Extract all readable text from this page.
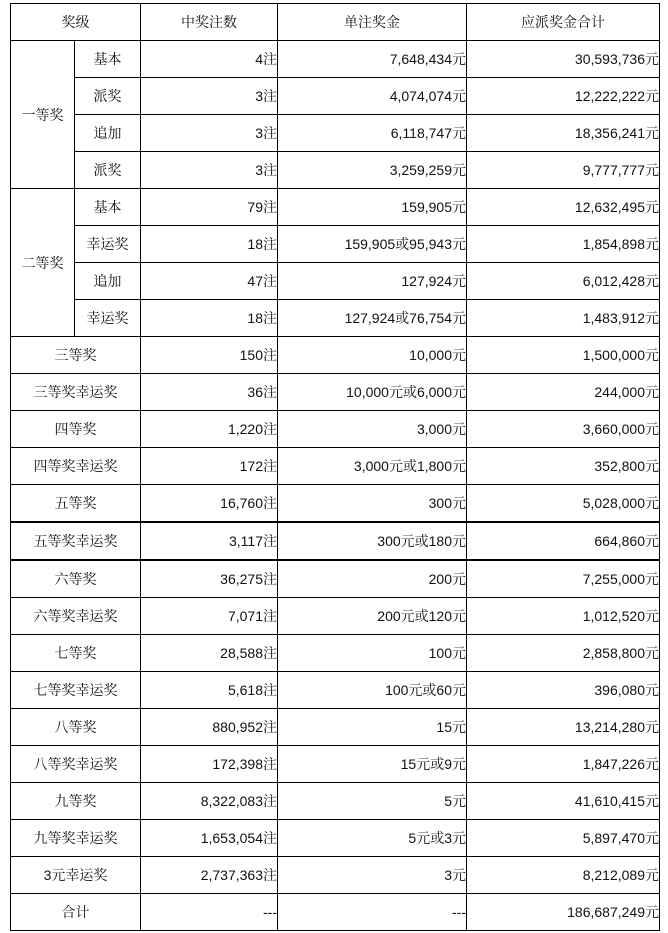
奖级		中奖注数	单注奖金	应派奖金合计
一等奖	基本	4注	7,648,434元	30,593,736元
	派奖	3注	4,074,074元	12,222,222元
	追加	3注	6,118,747元	18,356,241元
	派奖	3注	3,259,259元	9,777,777元
二等奖	基本	79注	159,905元	12,632,495元
	幸运奖	18注	159,905或95,943元	1,854,898元
	追加	47注	127,924元	6,012,428元
	幸运奖	18注	127,924或76,754元	1,483,912元
三等奖		150注	10,000元	1,500,000元
三等奖幸运奖		36注	10,000元或6,000元	244,000元
四等奖		1,220注	3,000元	3,660,000元
四等奖幸运奖		172注	3,000元或1,800元	352,800元
五等奖		16,760注	300元	5,028,000元
五等奖幸运奖		3,117注	300元或180元	664,860元
六等奖		36,275注	200元	7,255,000元
六等奖幸运奖		7,071注	200元或120元	1,012,520元
七等奖		28,588注	100元	2,858,800元
七等奖幸运奖		5,618注	100元或60元	396,080元
八等奖		880,952注	15元	13,214,280元
八等奖幸运奖		172,398注	15元或9元	1,847,226元
九等奖		8,322,083注	5元	41,610,415元
九等奖幸运奖		1,653,054注	5元或3元	5,897,470元
3元幸运奖		2,737,363注	3元	8,212,089元
合计		---	---	186,687,249元
